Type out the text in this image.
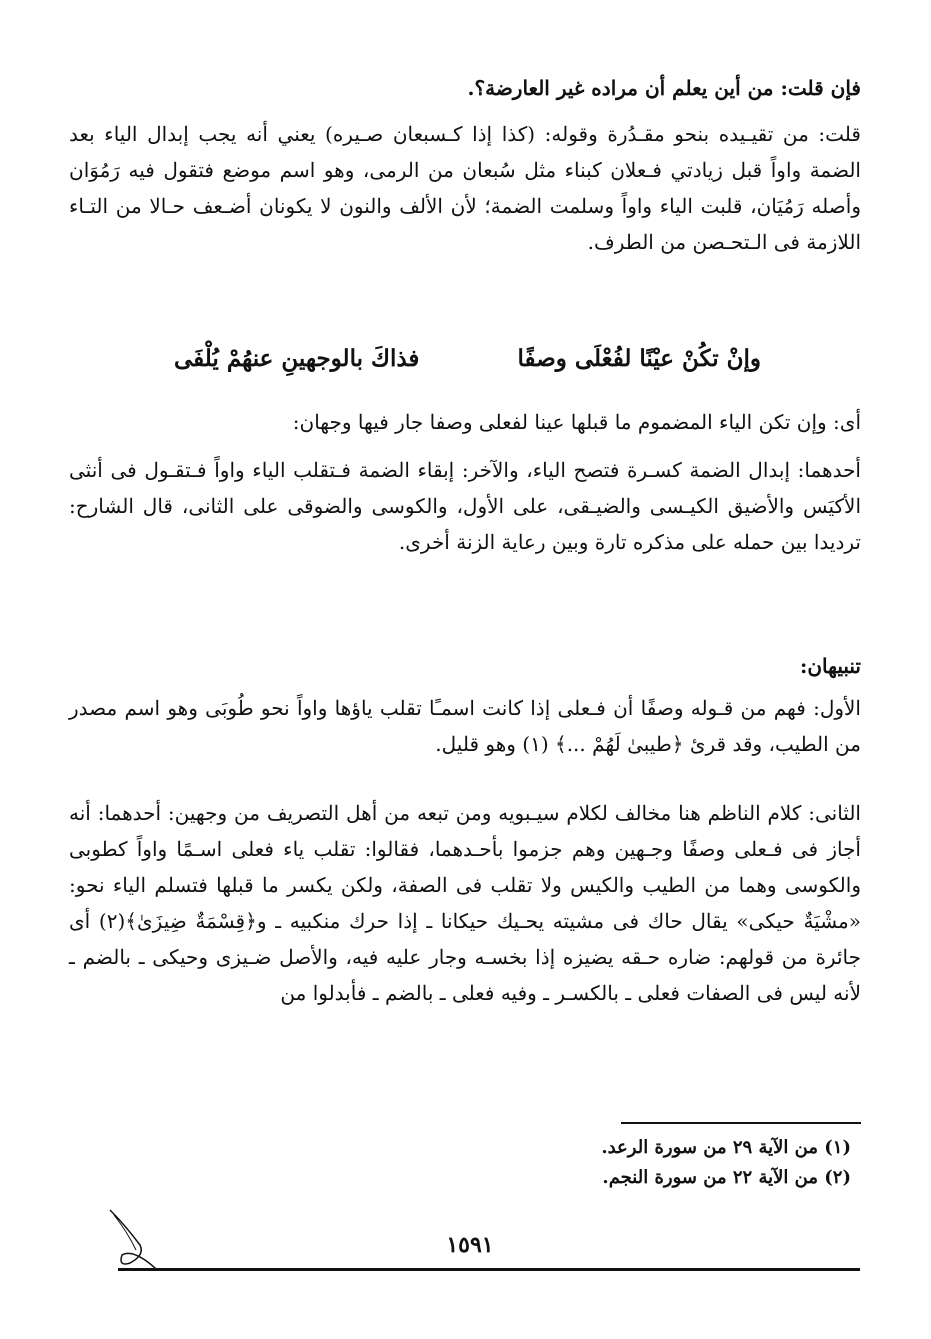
فإن قلت: من أين يعلم أن مراده غير العارضة؟.

قلت: من تقيـيده بنحو مقـدُرة وقوله: (كذا إذا كـسبعان صـيره) يعني أنه يجب إبدال الياء بعد الضمة واواً قبل زيادتي فـعلان كبناء مثل سُبعان من الرمى، وهو اسم موضع فتقول فيه رَمُوَان وأصله رَمُيَان، قلبت الياء واواً وسلمت الضمة؛ لأن الألف والنون لا يكونان أضـعف حـالا من التـاء اللازمة فى الـتحـصن من الطرف.

وإنْ تكُنْ عيْنًا لفُعْلَى وصفًا
فذاكَ بالوجهينِ عنهُمْ يُلْفَى

أى: وإن تكن الياء المضموم ما قبلها عينا لفعلى وصفا جار فيها وجهان:

أحدهما: إبدال الضمة كسـرة فتصح الياء، والآخر: إبقاء الضمة فـتقلب الياء واواً فـتقـول فى أنثى الأكيَس والأضيق الكيـسى والضيـقى، على الأول، والكوسى والضوقى على الثانى، قال الشارح: ترديدا بين حمله على مذكره تارة وبين رعاية الزنة أخرى.

تنبيهان:

الأول: فهم من قـوله وصفًا أن فـعلى إذا كانت اسمـًا تقلب ياؤها واواً نحو طُوبَى وهو اسم مصدر من الطيب، وقد قرئ ﴿طيبىٰ لَهُمْ ...﴾ (١) وهو قليل.

الثانى: كلام الناظم هنا مخالف لكلام سيـبويه ومن تبعه من أهل التصريف من وجهين: أحدهما: أنه أجاز فى فـعلى وصفًا وجـهين وهم جزموا بأحـدهما، فقالوا: تقلب ياء فعلى اسـمًا واواً كطوبى والكوسى وهما من الطيب والكيس ولا تقلب فى الصفة، ولكن يكسر ما قبلها فتسلم الياء نحو: «مشْيَةٌ حيكى» يقال حاك فى مشيته يحـيك حيكانا ـ إذا حرك منكبيه ـ و﴿قِسْمَةٌ ضِيزَىٰ﴾(٢) أى جائرة من قولهم: ضاره حـقه يضيزه إذا بخسـه وجار عليه فيه، والأصل ضـيزى وحيكى ـ بالضم ـ لأنه ليس فى الصفات فعلى ـ بالكسـر ـ وفيه فعلى ـ بالضم ـ فأبدلوا من

(١) من الآية ٢٩ من سورة الرعد.
(٢) من الآية ٢٢ من سورة النجم.
١٥٩١
